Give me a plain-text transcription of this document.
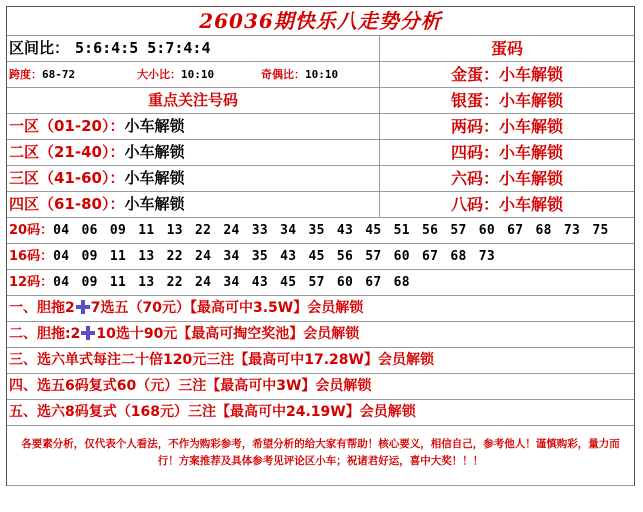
26036期快乐八走势分析
区间比： 5:6:4:5 5:7:4:4	蛋码
跨度：68-72	大小比：10:10	奇偶比：10:10	金蛋：小车解锁
重点关注号码	银蛋：小车解锁
一区（01-20）：小车解锁	两码：小车解锁
二区（21-40）：小车解锁	四码：小车解锁
三区（41-60）：小车解锁	六码：小车解锁
四区（61-80）：小车解锁	八码：小车解锁
20码：04 06 09 11 13 22 24 33 34 35 43 45 51 56 57 60 67 68 73 75
16码：04 09 11 13 22 24 34 35 43 45 56 57 60 67 68 73
12码：04 09 11 13 22 24 34 43 45 57 60 67 68
一、胆拖2 7选五（70元）【最高可中3.5W】会员解锁
二、胆拖:2 10选十90元【最高可掏空奖池】会员解锁
三、选六单式每注二十倍120元三注【最高可中17.28W】会员解锁
四、选五6码复式60（元）三注【最高可中3W】会员解锁
五、选六8码复式（168元）三注【最高可中24.19W】会员解锁
各要素分析，仅代表个人看法，不作为购彩参考，希望分析的给大家有帮助！核心要义，相信自己，参考他人！谨慎购彩，量力而行！方案推荐及具体参考见评论区小车；祝诸君好运，喜中大奖！！！
